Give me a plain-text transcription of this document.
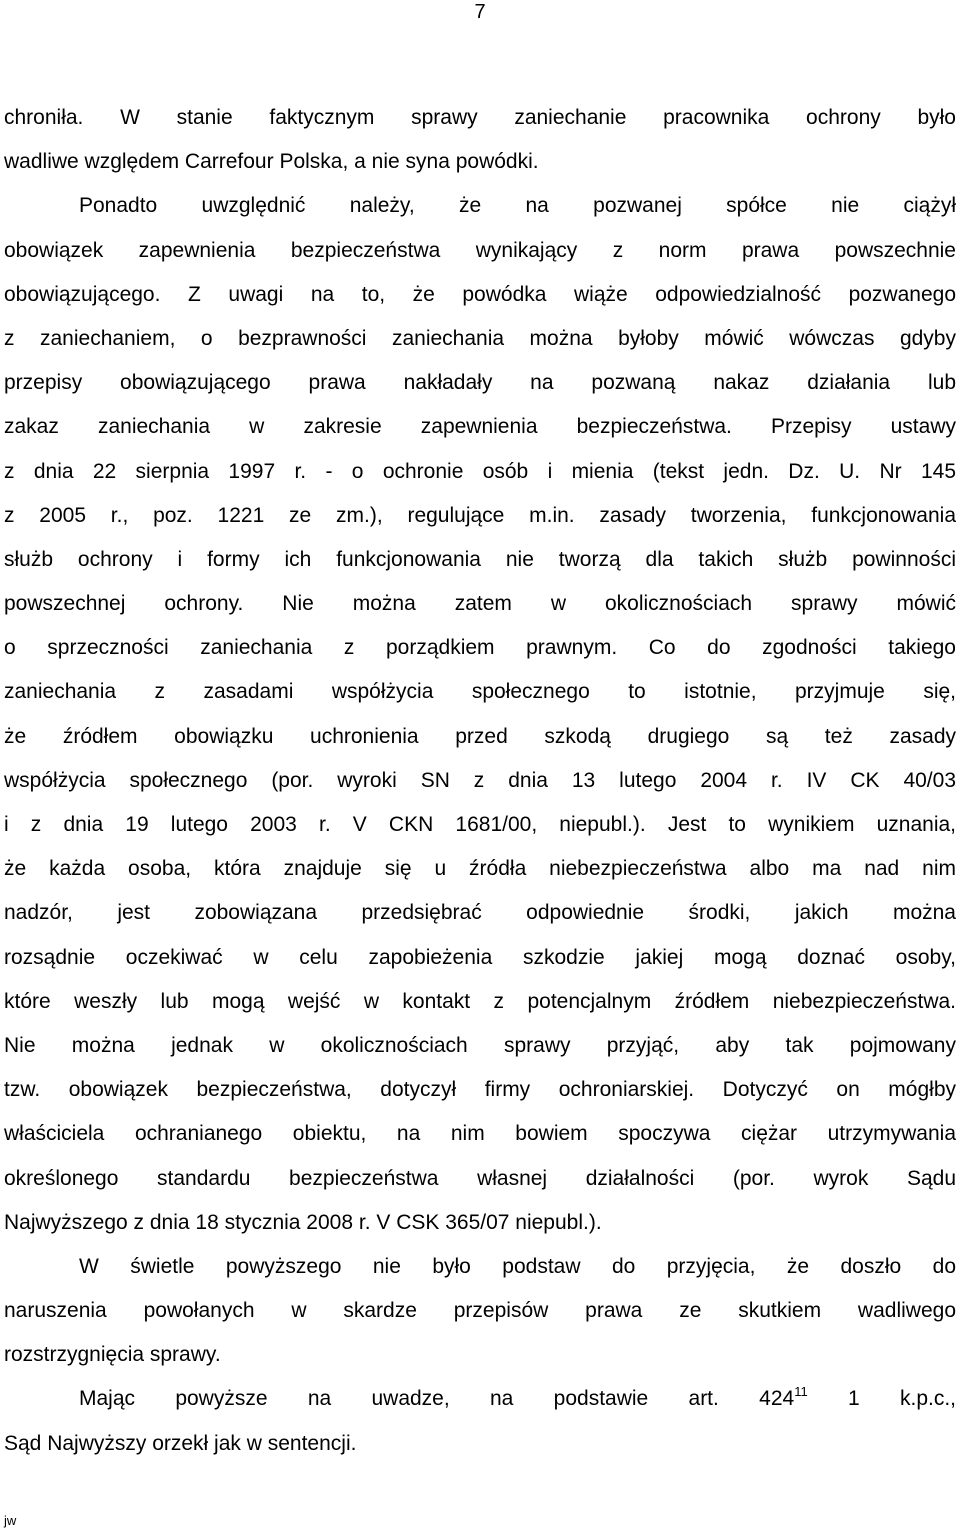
7
chroniła. W stanie faktycznym sprawy zaniechanie pracownika ochrony było
wadliwe względem Carrefour Polska, a nie syna powódki.
Ponadto uwzględnić należy, że na pozwanej spółce nie ciążył
obowiązek zapewnienia bezpieczeństwa wynikający z norm prawa powszechnie
obowiązującego. Z uwagi na to, że powódka wiąże odpowiedzialność pozwanego
z zaniechaniem, o bezprawności zaniechania można byłoby mówić wówczas gdyby
przepisy obowiązującego prawa nakładały na pozwaną nakaz działania lub
zakaz zaniechania w zakresie zapewnienia bezpieczeństwa. Przepisy ustawy
z dnia 22 sierpnia 1997 r. - o ochronie osób i mienia (tekst jedn. Dz. U. Nr 145
z 2005 r., poz. 1221 ze zm.), regulujące m.in. zasady tworzenia, funkcjonowania
służb ochrony i formy ich funkcjonowania nie tworzą dla takich służb powinności
powszechnej ochrony. Nie można zatem w okolicznościach sprawy mówić
o sprzeczności zaniechania z porządkiem prawnym. Co do zgodności takiego
zaniechania z zasadami współżycia społecznego to istotnie, przyjmuje się,
że źródłem obowiązku uchronienia przed szkodą drugiego są też zasady
współżycia społecznego (por. wyroki SN z dnia 13 lutego 2004 r. IV CK 40/03
i z dnia 19 lutego 2003 r. V CKN 1681/00, niepubl.). Jest to wynikiem uznania,
że każda osoba, która znajduje się u źródła niebezpieczeństwa albo ma nad nim
nadzór, jest zobowiązana przedsiębrać odpowiednie środki, jakich można
rozsądnie oczekiwać w celu zapobieżenia szkodzie jakiej mogą doznać osoby,
które weszły lub mogą wejść w kontakt z potencjalnym źródłem niebezpieczeństwa.
Nie można jednak w okolicznościach sprawy przyjąć, aby tak pojmowany
tzw. obowiązek bezpieczeństwa, dotyczył firmy ochroniarskiej. Dotyczyć on mógłby
właściciela ochranianego obiektu, na nim bowiem spoczywa ciężar utrzymywania
określonego standardu bezpieczeństwa własnej działalności (por. wyrok Sądu
Najwyższego z dnia 18 stycznia 2008 r. V CSK 365/07 niepubl.).
W świetle powyższego nie było podstaw do przyjęcia, że doszło do
naruszenia powołanych w skardze przepisów prawa ze skutkiem wadliwego
rozstrzygnięcia sprawy.
Mając powyższe na uwadze, na podstawie art. $424^{11}$ 1 k.p.c.,
Sąd Najwyższy orzekł jak w sentencji.
jw
